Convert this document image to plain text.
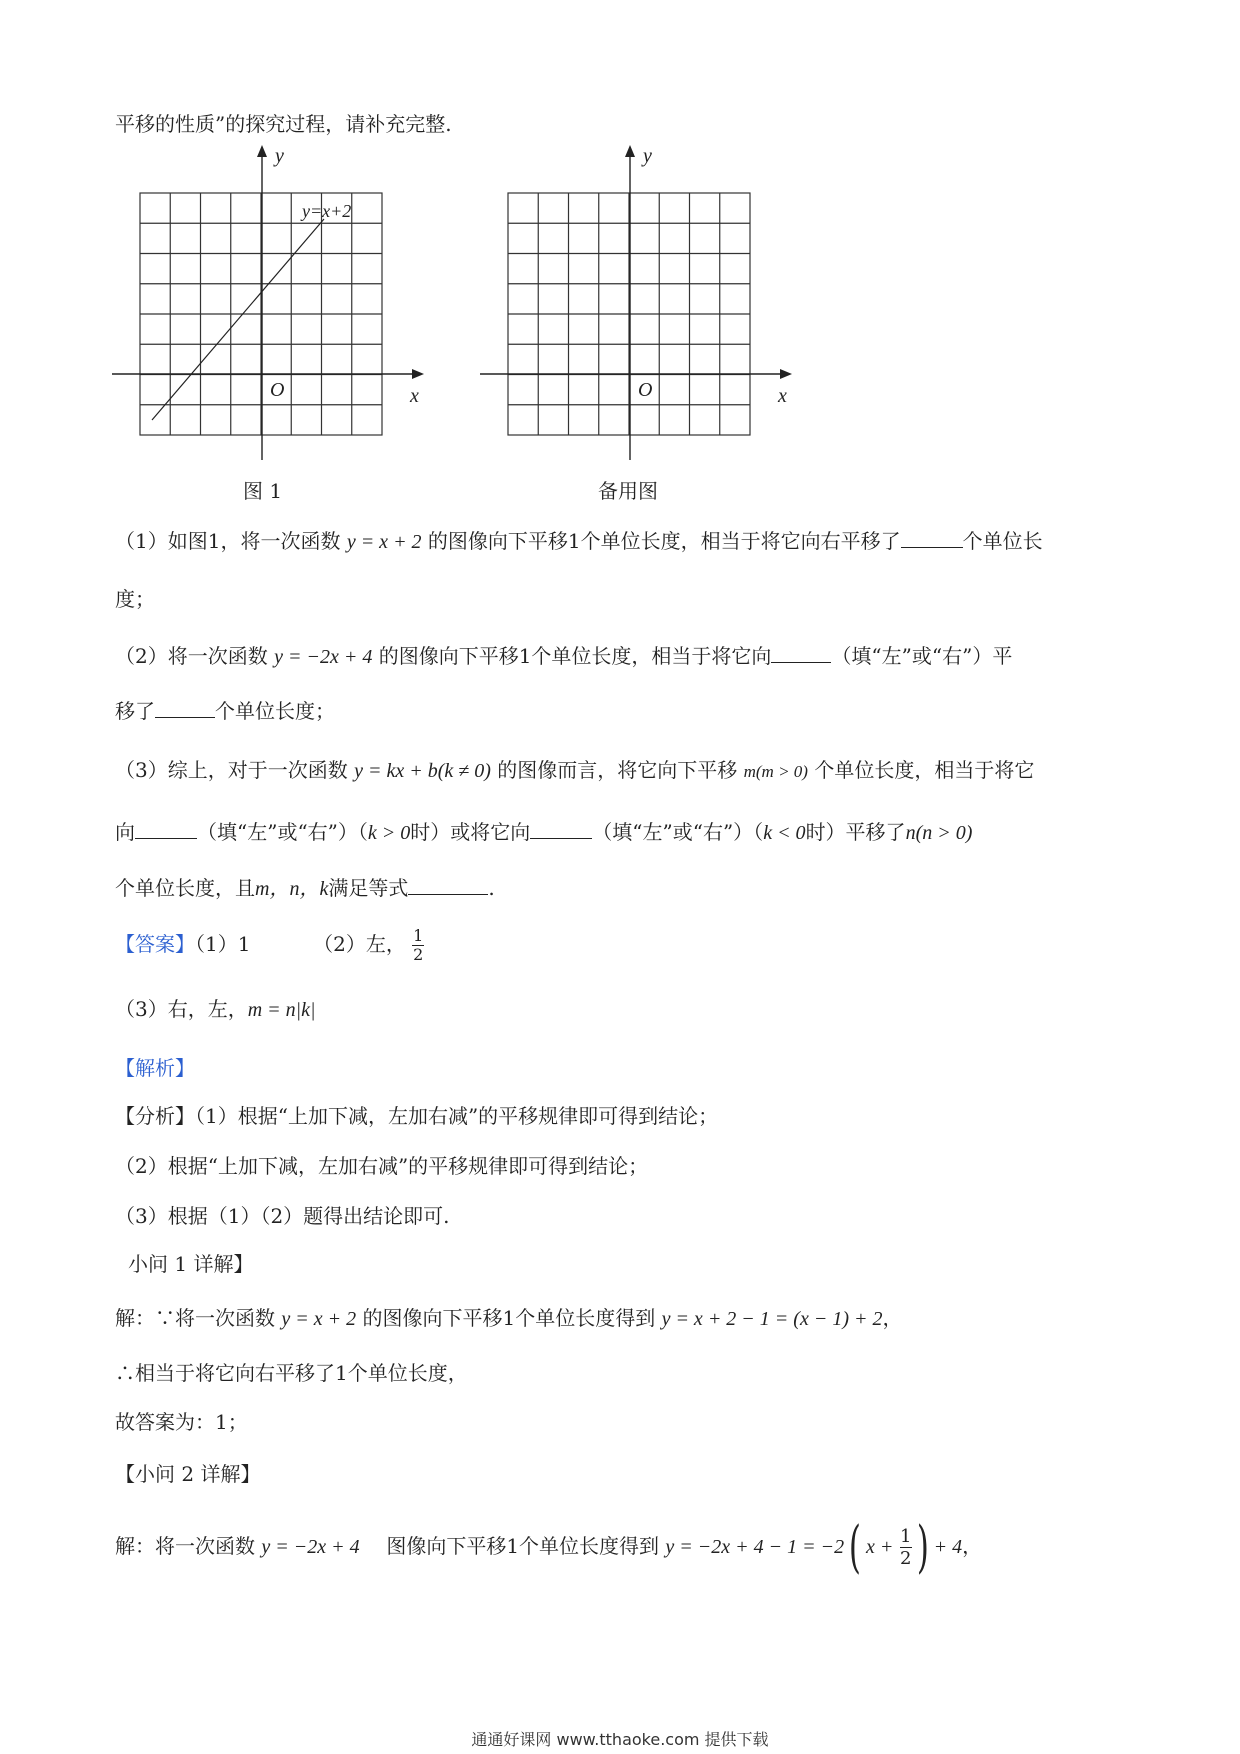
平移的性质”的探究过程，请补充完整.
y=x+2
y
x
O
图 1
y
x
O
备用图
（1）如图1，将一次函数 y = x + 2 的图像向下平移1个单位长度，相当于将它向右平移了	个单位长
度；
（2）将一次函数 y = −2x + 4 的图像向下平移1个单位长度，相当于将它向	（填“左”或“右”）平
移了	个单位长度；
（3）综上，对于一次函数 y = kx + b(k ≠ 0) 的图像而言，将它向下平移 m(m > 0) 个单位长度，相当于将它
向	（填“左”或“右”）（k > 0时）或将它向	（填“左”或“右”）（k < 0时）平移了n(n > 0)
个单位长度，且m，n，k满足等式	.
【答案】（1）1	（2）左， $\frac{1}{2}$
（3）右，左，m = n|k|
【解析】
【分析】（1）根据“上加下减，左加右减”的平移规律即可得到结论；
（2）根据“上加下减，左加右减”的平移规律即可得到结论；
（3）根据（1）（2）题得出结论即可.
小问 1 详解】
解：∵将一次函数 y = x + 2 的图像向下平移1个单位长度得到 y = x + 2 − 1 = (x − 1) + 2，
∴相当于将它向右平移了1个单位长度，
故答案为：1；
【小问 2 详解】
解：将一次函数 y = −2x + 4 图像向下平移1个单位长度得到 y = −2x + 4 − 1 = −2( $x + \frac{1}{2}$ ) + 4，
通通好课网 www.tthaoke.com 提供下载
